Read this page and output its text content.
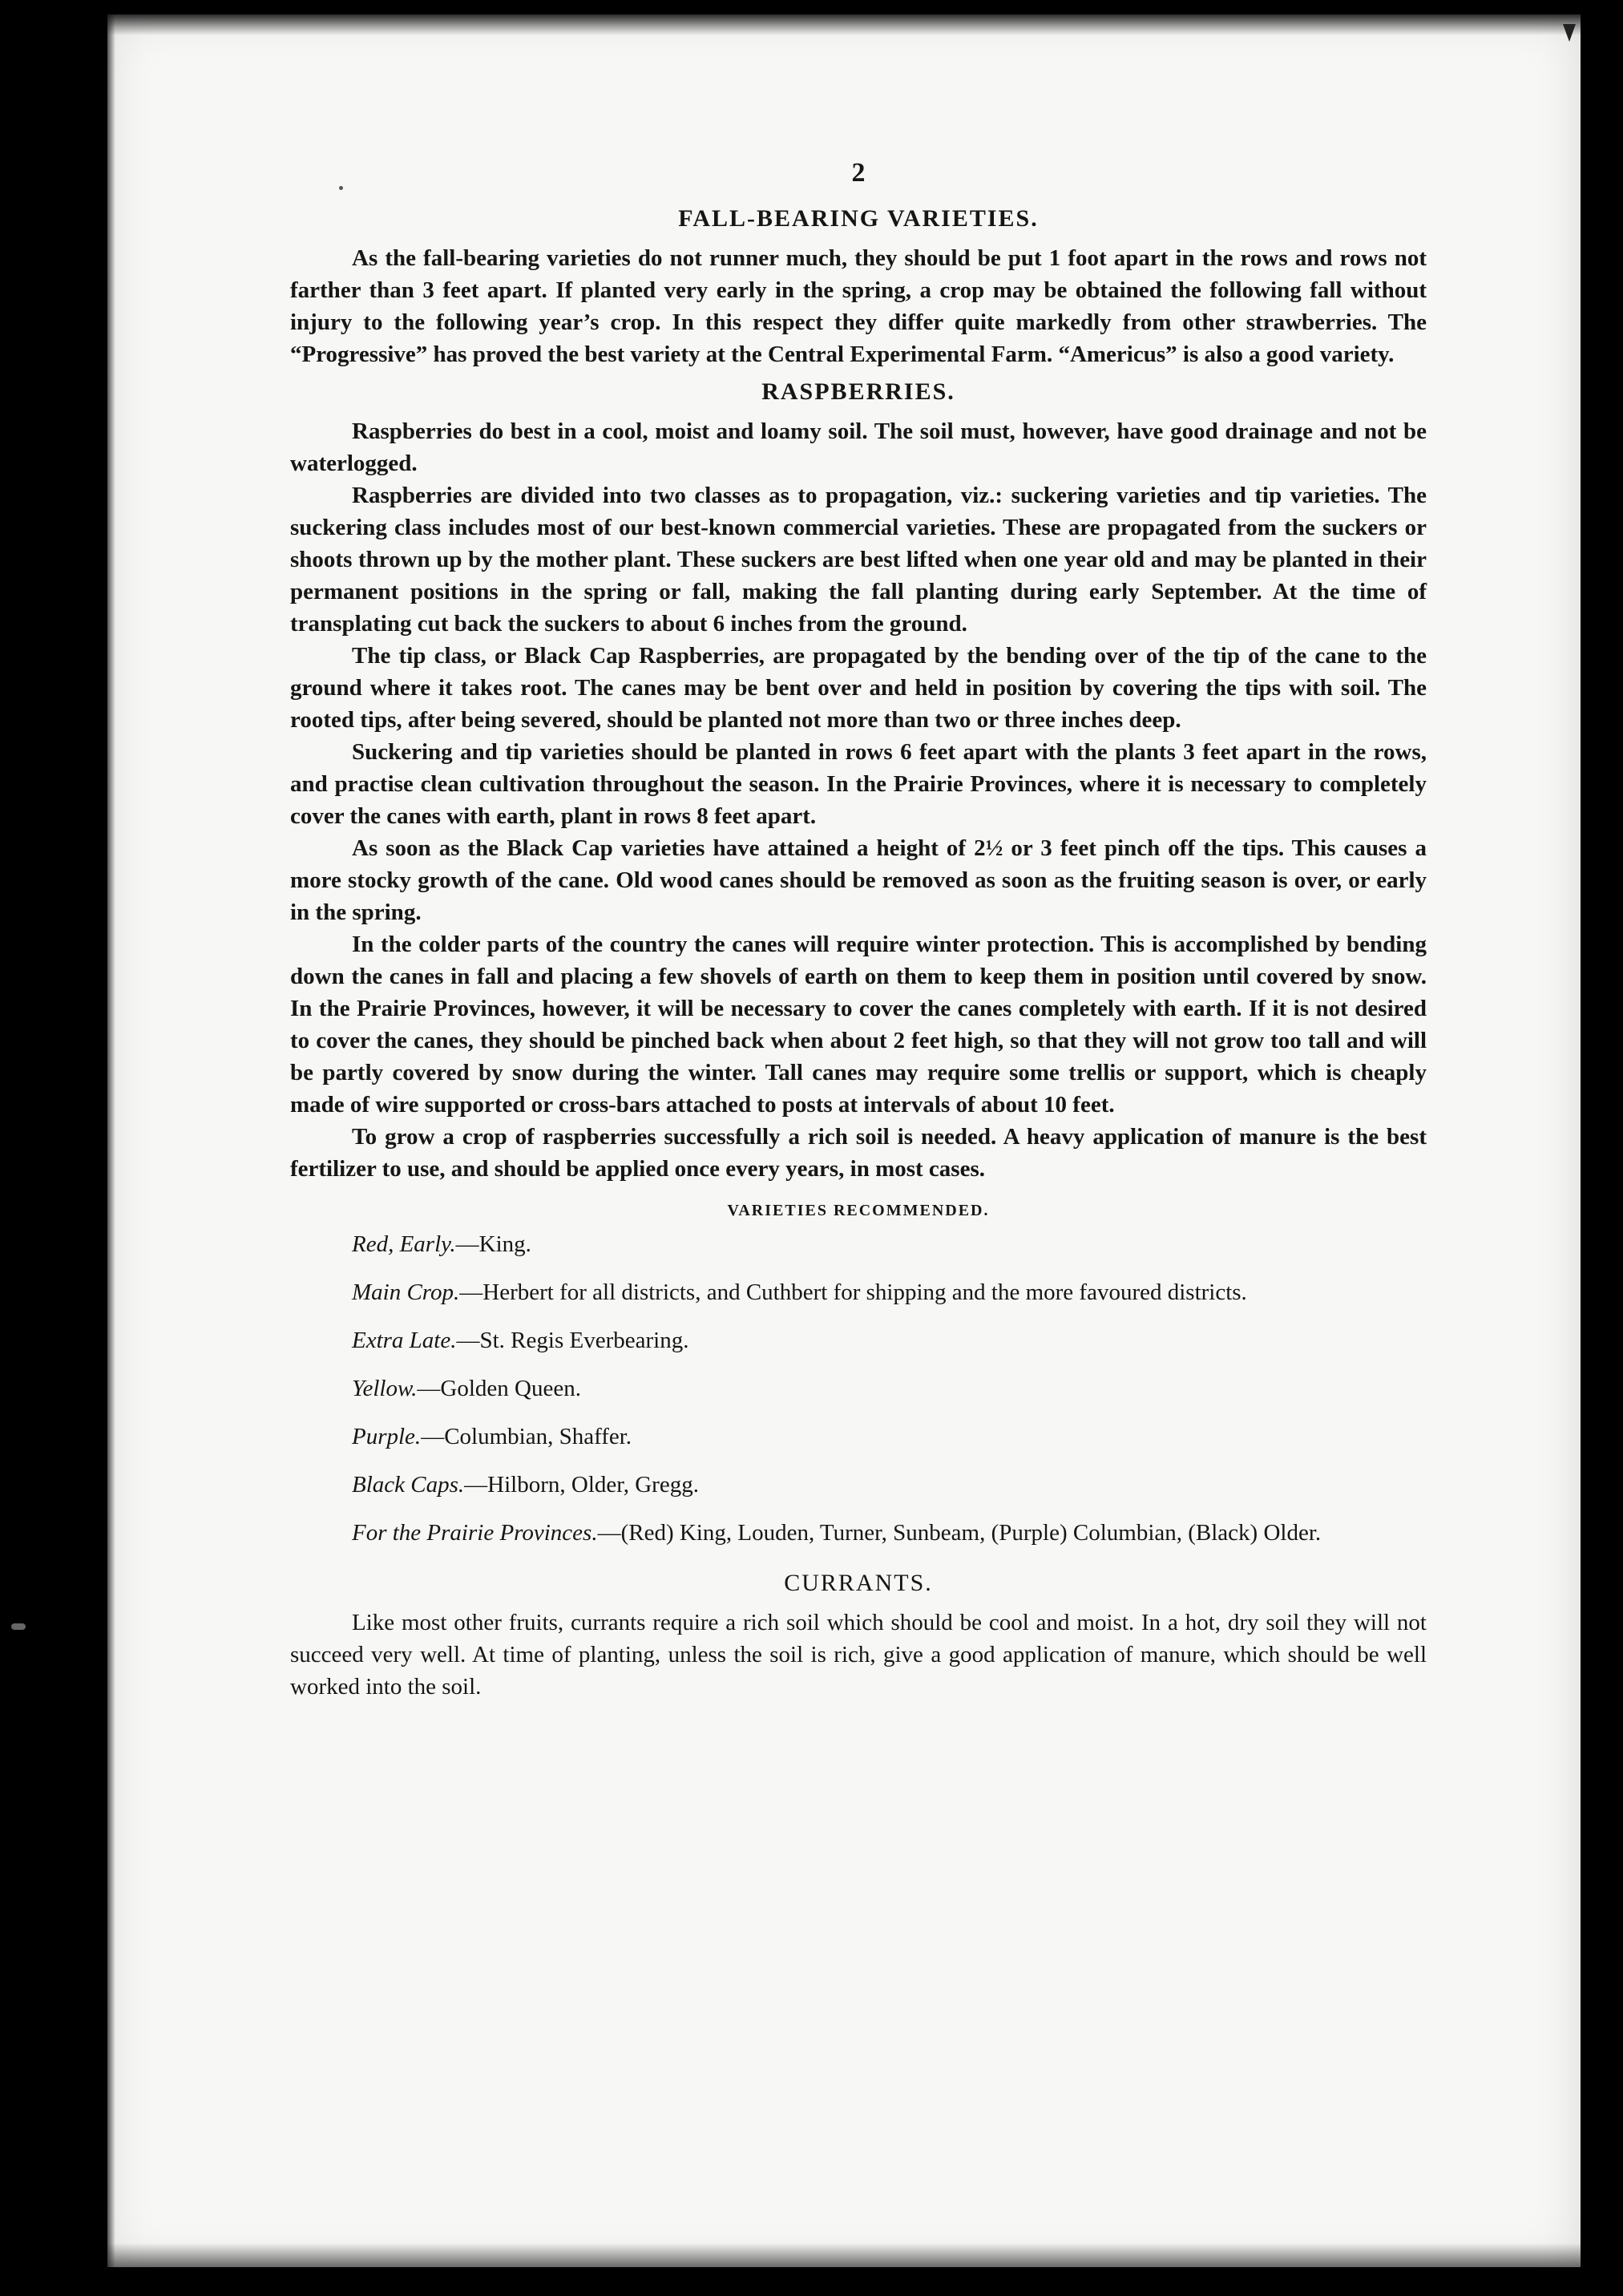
2
FALL-BEARING VARIETIES.

As the fall-bearing varieties do not runner much, they should be put 1 foot apart in the rows and rows not farther than 3 feet apart. If planted very early in the spring, a crop may be obtained the following fall without injury to the following year’s crop. In this respect they differ quite markedly from other strawberries. The “Progressive” has proved the best variety at the Central Experimental Farm. “Americus” is also a good variety.

RASPBERRIES.

Raspberries do best in a cool, moist and loamy soil. The soil must, however, have good drainage and not be waterlogged.

Raspberries are divided into two classes as to propagation, viz.: suckering varieties and tip varieties. The suckering class includes most of our best-known commercial varieties. These are propagated from the suckers or shoots thrown up by the mother plant. These suckers are best lifted when one year old and may be planted in their permanent positions in the spring or fall, making the fall planting during early September. At the time of transplating cut back the suckers to about 6 inches from the ground.

The tip class, or Black Cap Raspberries, are propagated by the bending over of the tip of the cane to the ground where it takes root. The canes may be bent over and held in position by covering the tips with soil. The rooted tips, after being severed, should be planted not more than two or three inches deep.

Suckering and tip varieties should be planted in rows 6 feet apart with the plants 3 feet apart in the rows, and practise clean cultivation throughout the season. In the Prairie Provinces, where it is necessary to completely cover the canes with earth, plant in rows 8 feet apart.

As soon as the Black Cap varieties have attained a height of 2½ or 3 feet pinch off the tips. This causes a more stocky growth of the cane. Old wood canes should be removed as soon as the fruiting season is over, or early in the spring.

In the colder parts of the country the canes will require winter protection. This is accomplished by bending down the canes in fall and placing a few shovels of earth on them to keep them in position until covered by snow. In the Prairie Provinces, however, it will be necessary to cover the canes completely with earth. If it is not desired to cover the canes, they should be pinched back when about 2 feet high, so that they will not grow too tall and will be partly covered by snow during the winter. Tall canes may require some trellis or support, which is cheaply made of wire supported or cross-bars attached to posts at intervals of about 10 feet.

To grow a crop of raspberries successfully a rich soil is needed. A heavy application of manure is the best fertilizer to use, and should be applied once every years, in most cases.

VARIETIES RECOMMENDED.
Red, Early.—King.
Main Crop.—Herbert for all districts, and Cuthbert for shipping and the more favoured districts.
Extra Late.—St. Regis Everbearing.
Yellow.—Golden Queen.
Purple.—Columbian, Shaffer.
Black Caps.—Hilborn, Older, Gregg.
For the Prairie Provinces.—(Red) King, Louden, Turner, Sunbeam, (Purple) Columbian, (Black) Older.
CURRANTS.

Like most other fruits, currants require a rich soil which should be cool and moist. In a hot, dry soil they will not succeed very well. At time of planting, unless the soil is rich, give a good application of manure, which should be well worked into the soil.
